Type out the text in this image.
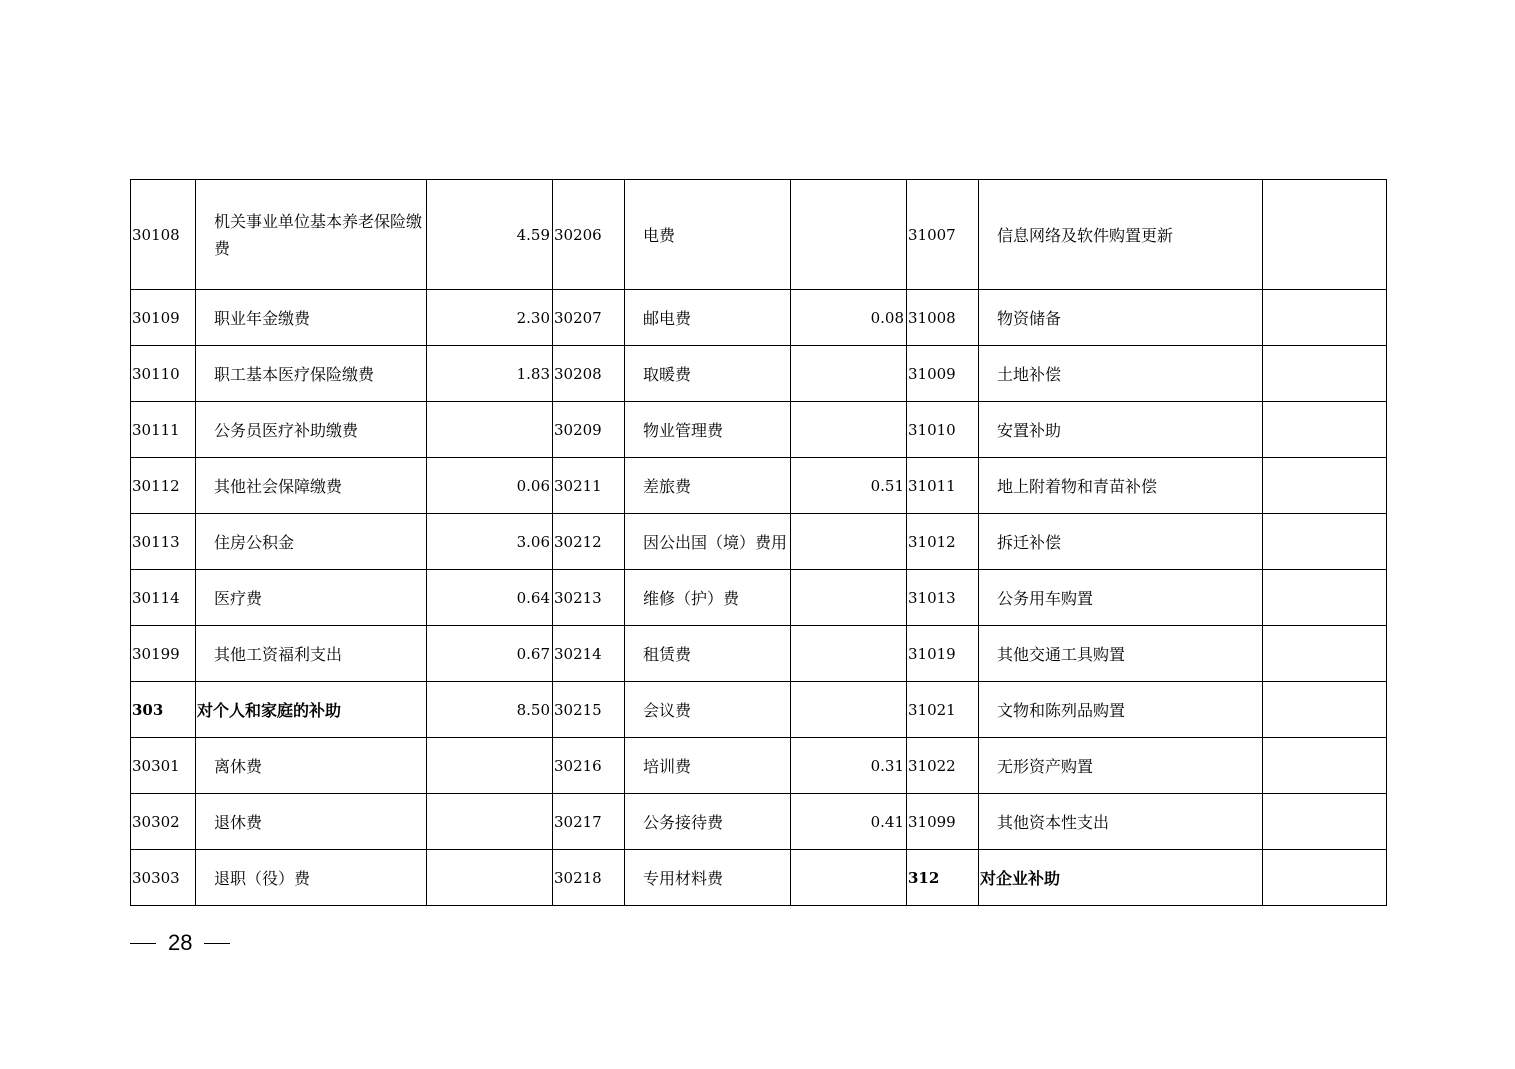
30108	机关事业单位基本养老保险缴费	4.59	30206	电费		31007	信息网络及软件购置更新	
30109	职业年金缴费	2.30	30207	邮电费	0.08	31008	物资储备	
30110	职工基本医疗保险缴费	1.83	30208	取暖费		31009	土地补偿	
30111	公务员医疗补助缴费		30209	物业管理费		31010	安置补助	
30112	其他社会保障缴费	0.06	30211	差旅费	0.51	31011	地上附着物和青苗补偿	
30113	住房公积金	3.06	30212	因公出国（境）费用		31012	拆迁补偿	
30114	医疗费	0.64	30213	维修（护）费		31013	公务用车购置	
30199	其他工资福利支出	0.67	30214	租赁费		31019	其他交通工具购置	
303	对个人和家庭的补助	8.50	30215	会议费		31021	文物和陈列品购置	
30301	离休费		30216	培训费	0.31	31022	无形资产购置	
30302	退休费		30217	公务接待费	0.41	31099	其他资本性支出	
30303	退职（役）费		30218	专用材料费		312	对企业补助	
28
